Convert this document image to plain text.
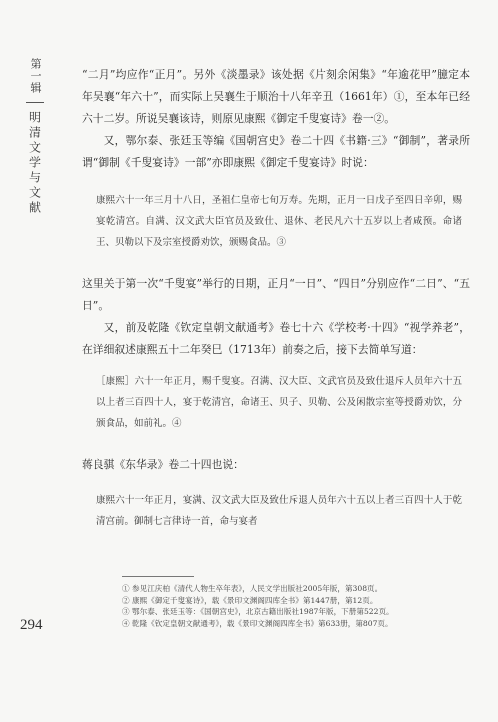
第一辑
明清文学与文献
294

“二月”均应作“正月”。另外《淡墨录》该处据《片刻余闲集》“年逾花甲”臆定本年吴襄“年六十”，而实际上吴襄生于顺治十八年辛丑（1661年）①，至本年已经六十二岁。所说吴襄该诗，则原见康熙《御定千叟宴诗》卷一②。

又，鄂尔泰、张廷玉等编《国朝宫史》卷二十四《书籍·三》“御制”，著录所谓“御制《千叟宴诗》一部”亦即康熙《御定千叟宴诗》时说：

康熙六十一年三月十八日，圣祖仁皇帝七旬万寿。先期，正月一日戊子至四日辛卯，赐宴乾清宫。自满、汉文武大臣官员及致仕、退休、老民凡六十五岁以上者咸预。命诸王、贝勒以下及宗室授爵劝饮，颁赐食品。③

这里关于第一次“千叟宴”举行的日期，正月“一日”、“四日”分别应作“二日”、“五日”。

又，前及乾隆《钦定皇朝文献通考》卷七十六《学校考·十四》“视学养老”，在详细叙述康熙五十二年癸巳（1713年）前奏之后，接下去简单写道：

［康熙］六十一年正月，赐千叟宴。召满、汉大臣、文武官员及致仕退斥人员年六十五以上者三百四十人，宴于乾清宫，命诸王、贝子、贝勒、公及闲散宗室等授爵劝饮，分颁食品，如前礼。④

蒋良骐《东华录》卷二十四也说：

康熙六十一年正月，宴满、汉文武大臣及致仕斥退人员年六十五以上者三百四十人于乾清宫前。御制七言律诗一首，命与宴者

① 参见江庆柏《清代人物生卒年表》，人民文学出版社2005年版，第308页。
② 康熙《御定千叟宴诗》，载《景印文渊阁四库全书》第1447册，第12页。
③ 鄂尔泰、张廷玉等：《国朝宫史》，北京古籍出版社1987年版，下册第522页。
④ 乾隆《钦定皇朝文献通考》，载《景印文渊阁四库全书》第633册，第807页。
